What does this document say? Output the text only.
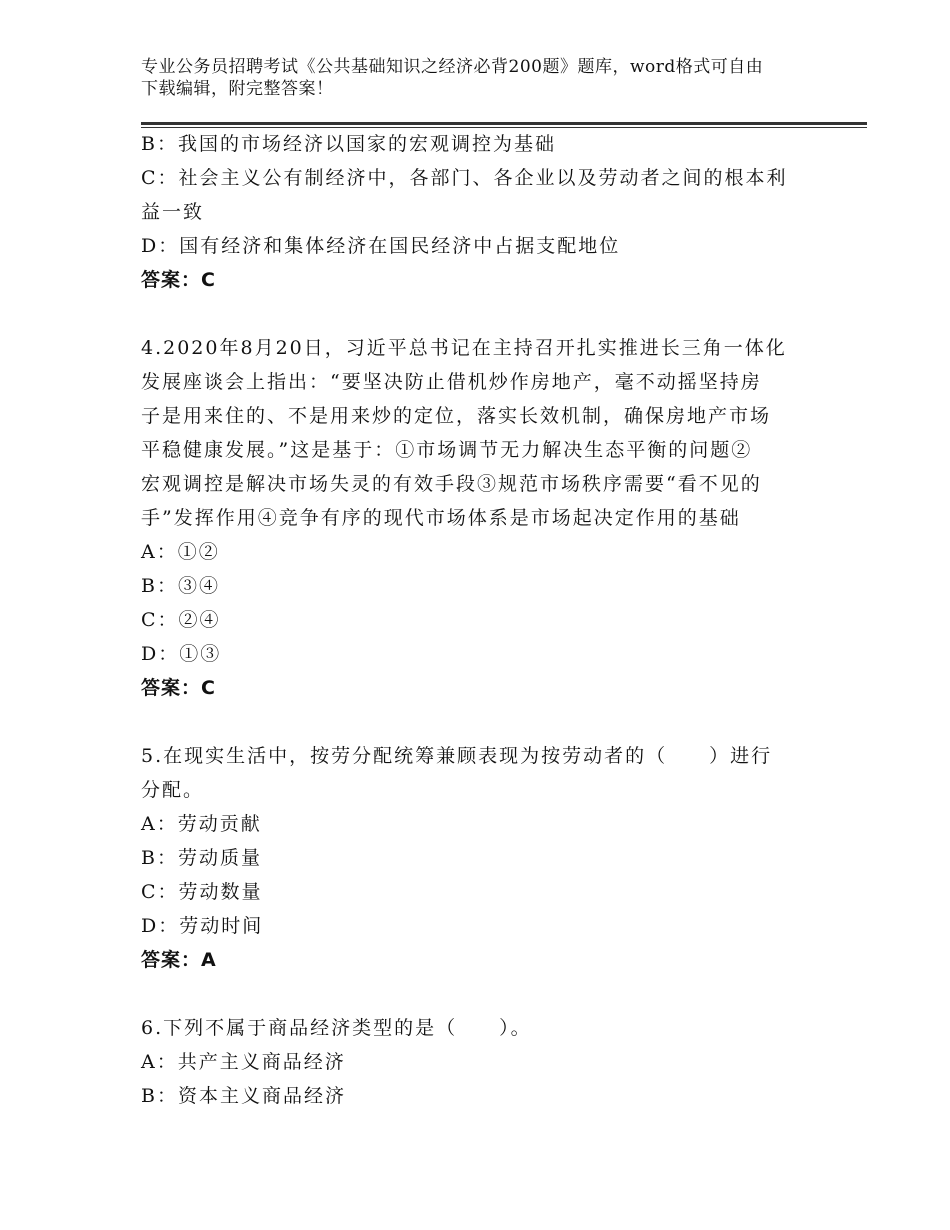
专业公务员招聘考试《公共基础知识之经济必背200题》题库，word格式可自由
下载编辑，附完整答案！
B：我国的市场经济以国家的宏观调控为基础
C：社会主义公有制经济中，各部门、各企业以及劳动者之间的根本利
益一致
D：国有经济和集体经济在国民经济中占据支配地位
答案：C
4.2020年8月20日，习近平总书记在主持召开扎实推进长三角一体化
发展座谈会上指出：“要坚决防止借机炒作房地产，毫不动摇坚持房
子是用来住的、不是用来炒的定位，落实长效机制，确保房地产市场
平稳健康发展。”这是基于：①市场调节无力解决生态平衡的问题②
宏观调控是解决市场失灵的有效手段③规范市场秩序需要“看不见的
手”发挥作用④竞争有序的现代市场体系是市场起决定作用的基础
A：①②
B：③④
C：②④
D：①③
答案：C
5.在现实生活中，按劳分配统筹兼顾表现为按劳动者的（　　）进行
分配。
A：劳动贡献
B：劳动质量
C：劳动数量
D：劳动时间
答案：A
6.下列不属于商品经济类型的是（　　）。
A：共产主义商品经济
B：资本主义商品经济
